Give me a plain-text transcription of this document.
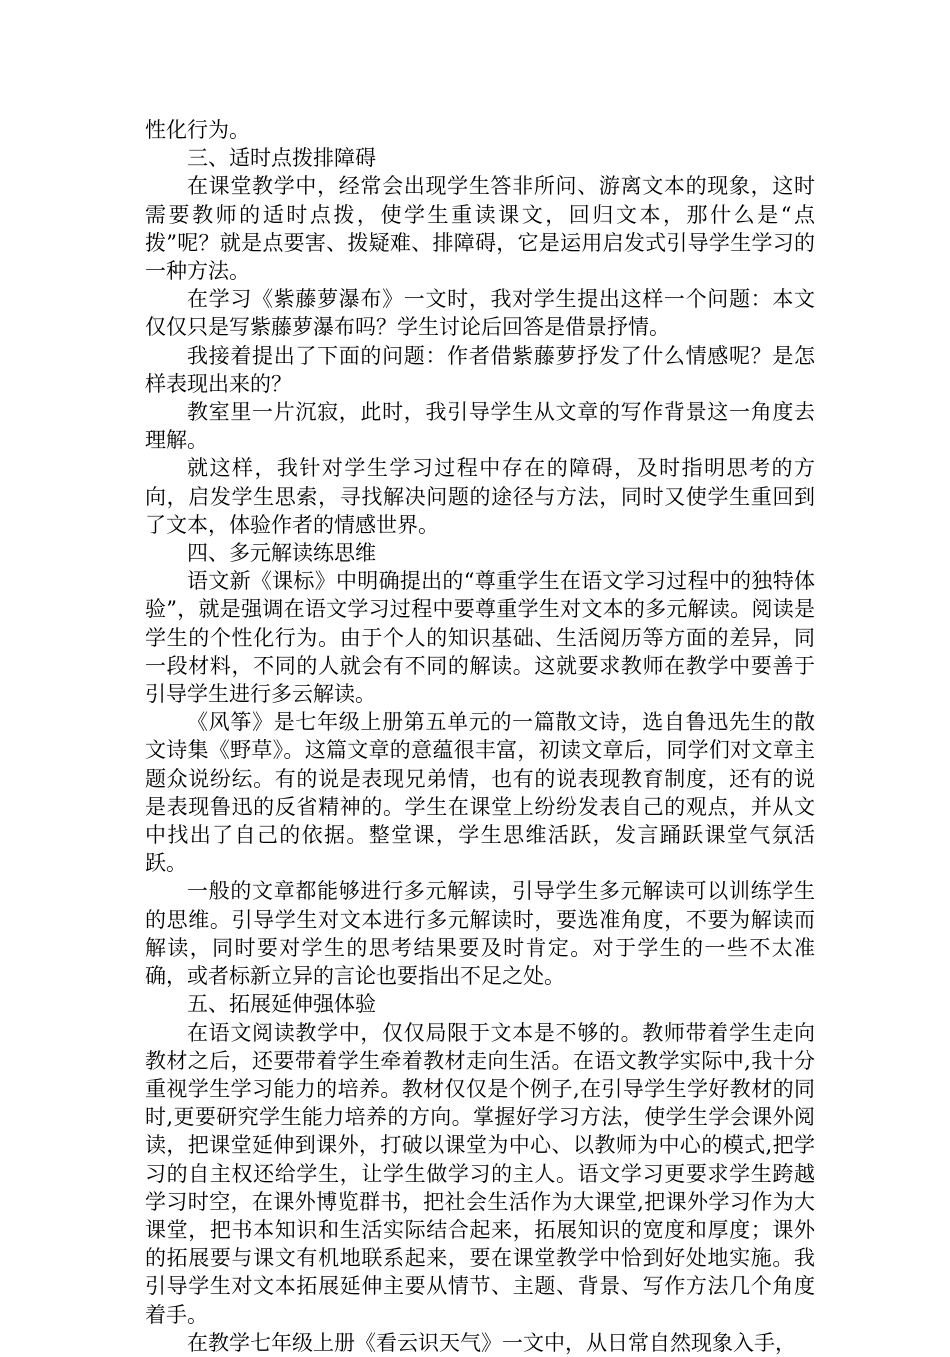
性化行为。

三、适时点拨排障碍

在课堂教学中，经常会出现学生答非所问、游离文本的现象，这时需要教师的适时点拨，使学生重读课文，回归文本，那什么是“点拨”呢？就是点要害、拨疑难、排障碍，它是运用启发式引导学生学习的一种方法。

在学习《紫藤萝瀑布》一文时，我对学生提出这样一个问题：本文仅仅只是写紫藤萝瀑布吗？学生讨论后回答是借景抒情。

我接着提出了下面的问题：作者借紫藤萝抒发了什么情感呢？是怎样表现出来的？

教室里一片沉寂，此时，我引导学生从文章的写作背景这一角度去理解。

就这样，我针对学生学习过程中存在的障碍，及时指明思考的方向，启发学生思索，寻找解决问题的途径与方法，同时又使学生重回到了文本，体验作者的情感世界。

四、多元解读练思维

语文新《课标》中明确提出的“尊重学生在语文学习过程中的独特体验”，就是强调在语文学习过程中要尊重学生对文本的多元解读。阅读是学生的个性化行为。由于个人的知识基础、生活阅历等方面的差异，同一段材料，不同的人就会有不同的解读。这就要求教师在教学中要善于引导学生进行多云解读。

《风筝》是七年级上册第五单元的一篇散文诗，选自鲁迅先生的散文诗集《野草》。这篇文章的意蕴很丰富，初读文章后，同学们对文章主题众说纷纭。有的说是表现兄弟情，也有的说表现教育制度，还有的说是表现鲁迅的反省精神的。学生在课堂上纷纷发表自己的观点，并从文中找出了自己的依据。整堂课，学生思维活跃，发言踊跃课堂气氛活跃。

一般的文章都能够进行多元解读，引导学生多元解读可以训练学生的思维。引导学生对文本进行多元解读时，要选准角度，不要为解读而解读，同时要对学生的思考结果要及时肯定。对于学生的一些不太准确，或者标新立异的言论也要指出不足之处。

五、拓展延伸强体验

在语文阅读教学中，仅仅局限于文本是不够的。教师带着学生走向教材之后，还要带着学生牵着教材走向生活。在语文教学实际中,我十分重视学生学习能力的培养。教材仅仅是个例子,在引导学生学好教材的同时,更要研究学生能力培养的方向。掌握好学习方法，使学生学会课外阅读，把课堂延伸到课外，打破以课堂为中心、以教师为中心的模式,把学习的自主权还给学生，让学生做学习的主人。语文学习更要求学生跨越学习时空，在课外博览群书，把社会生活作为大课堂,把课外学习作为大课堂，把书本知识和生活实际结合起来，拓展知识的宽度和厚度；课外的拓展要与课文有机地联系起来，要在课堂教学中恰到好处地实施。我引导学生对文本拓展延伸主要从情节、主题、背景、写作方法几个角度着手。

在教学七年级上册《看云识天气》一文中，从日常自然现象入手，
